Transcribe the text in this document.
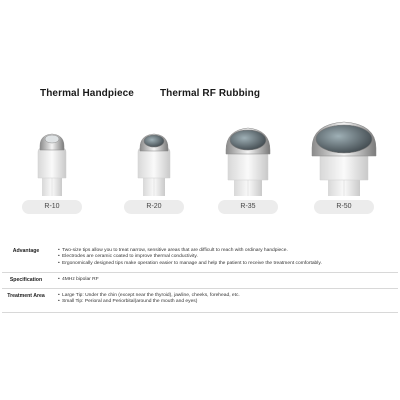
Thermal Handpiece	Thermal RF Rubbing
R-10	R-20	R-35	R-50
Advantage	• Two-size tips allow you to treat narrow, sensitive areas that are difficult to reach with ordinary handpiece.
• Electrodes are ceramic coated to improve thermal conductivity.
• Ergonomically designed tips make operation easier to manage and help the patient to receive the treatment comfortably.
Specification	• 4MHz bipolar RF
Treatment Area	• Large Tip: Under the chin (except near the thyroid), jawline, cheeks, forehead, etc.
• Small Tip: Perioral and Periorbital(around the mouth and eyes)
